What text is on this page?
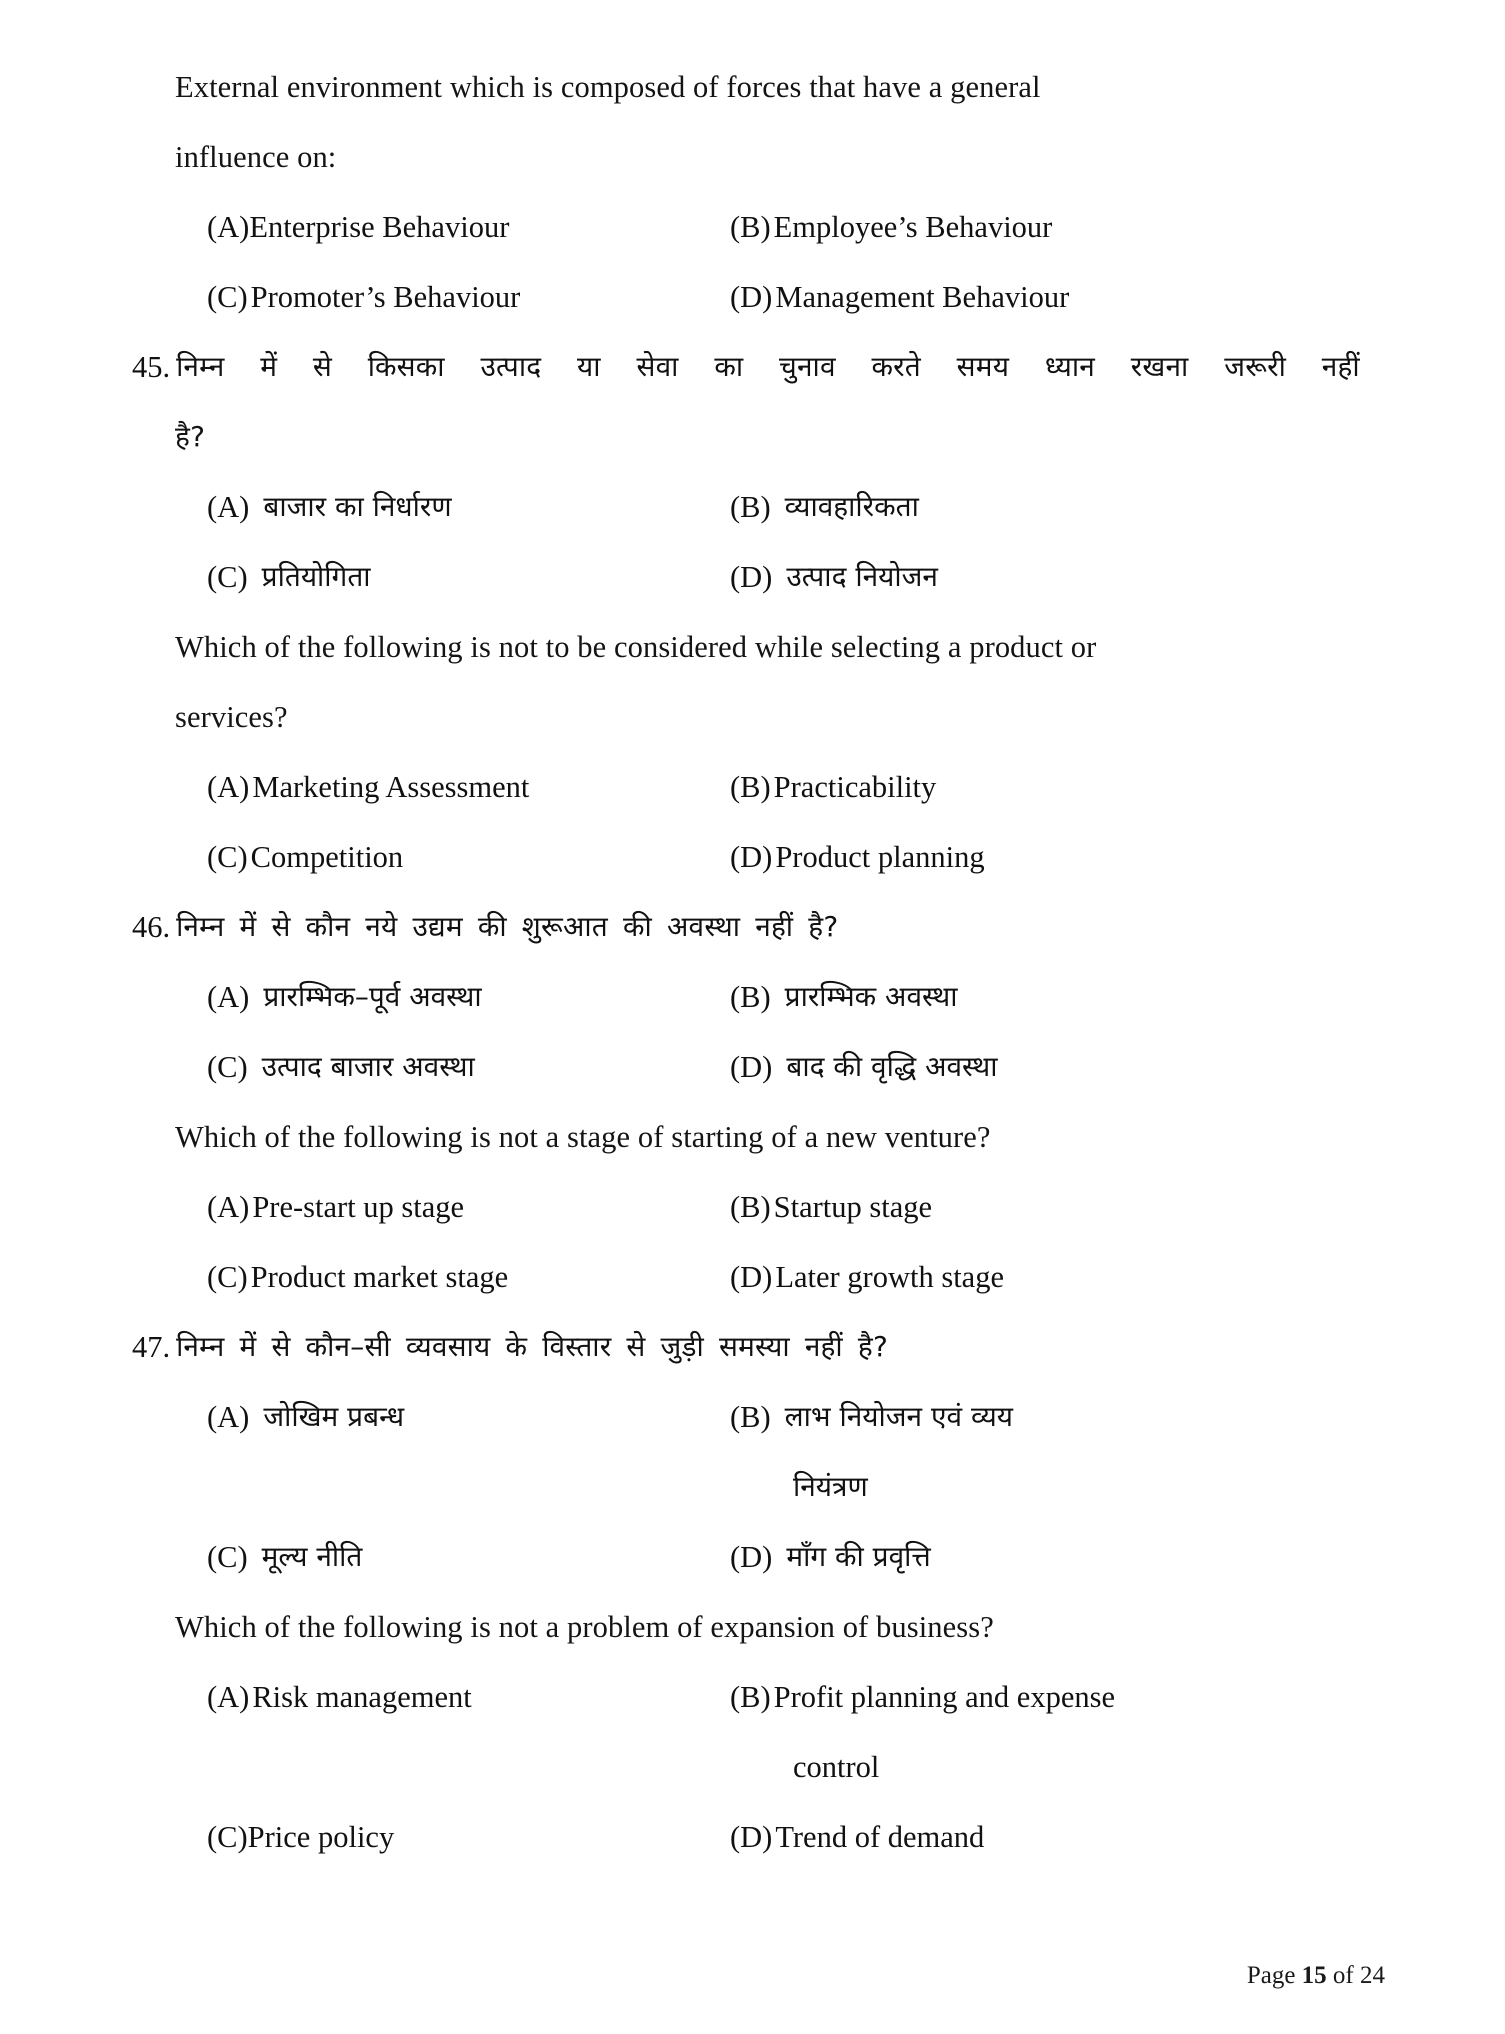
External environment which is composed of forces that have a general
influence on:
(A) Enterprise Behaviour	(B) Employee’s Behaviour
(C) Promoter’s Behaviour	(D) Management Behaviour
45. निम्न में से किसका उत्पाद या सेवा का चुनाव करते समय ध्यान रखना जरूरी नहीं
है?
(A) बाजार का निर्धारण	(B) व्यावहारिकता
(C) प्रतियोगिता	(D) उत्पाद नियोजन
Which of the following is not to be considered while selecting a product or
services?
(A) Marketing Assessment	(B) Practicability
(C) Competition	(D) Product planning
46. निम्न में से कौन नये उद्यम की शुरूआत की अवस्था नहीं है?
(A) प्रारम्भिक–पूर्व अवस्था	(B) प्रारम्भिक अवस्था
(C) उत्पाद बाजार अवस्था	(D) बाद की वृद्धि अवस्था
Which of the following is not a stage of starting of a new venture?
(A) Pre-start up stage	(B) Startup stage
(C) Product market stage	(D) Later growth stage
47. निम्न में से कौन–सी व्यवसाय के विस्तार से जुड़ी समस्या नहीं है?
(A) जोखिम प्रबन्ध	(B) लाभ नियोजन एवं व्यय
नियंत्रण
(C) मूल्य नीति	(D) माँग की प्रवृत्ति
Which of the following is not a problem of expansion of business?
(A) Risk management	(B) Profit planning and expense
control
(C) Price policy	(D) Trend of demand
Page 15 of 24
